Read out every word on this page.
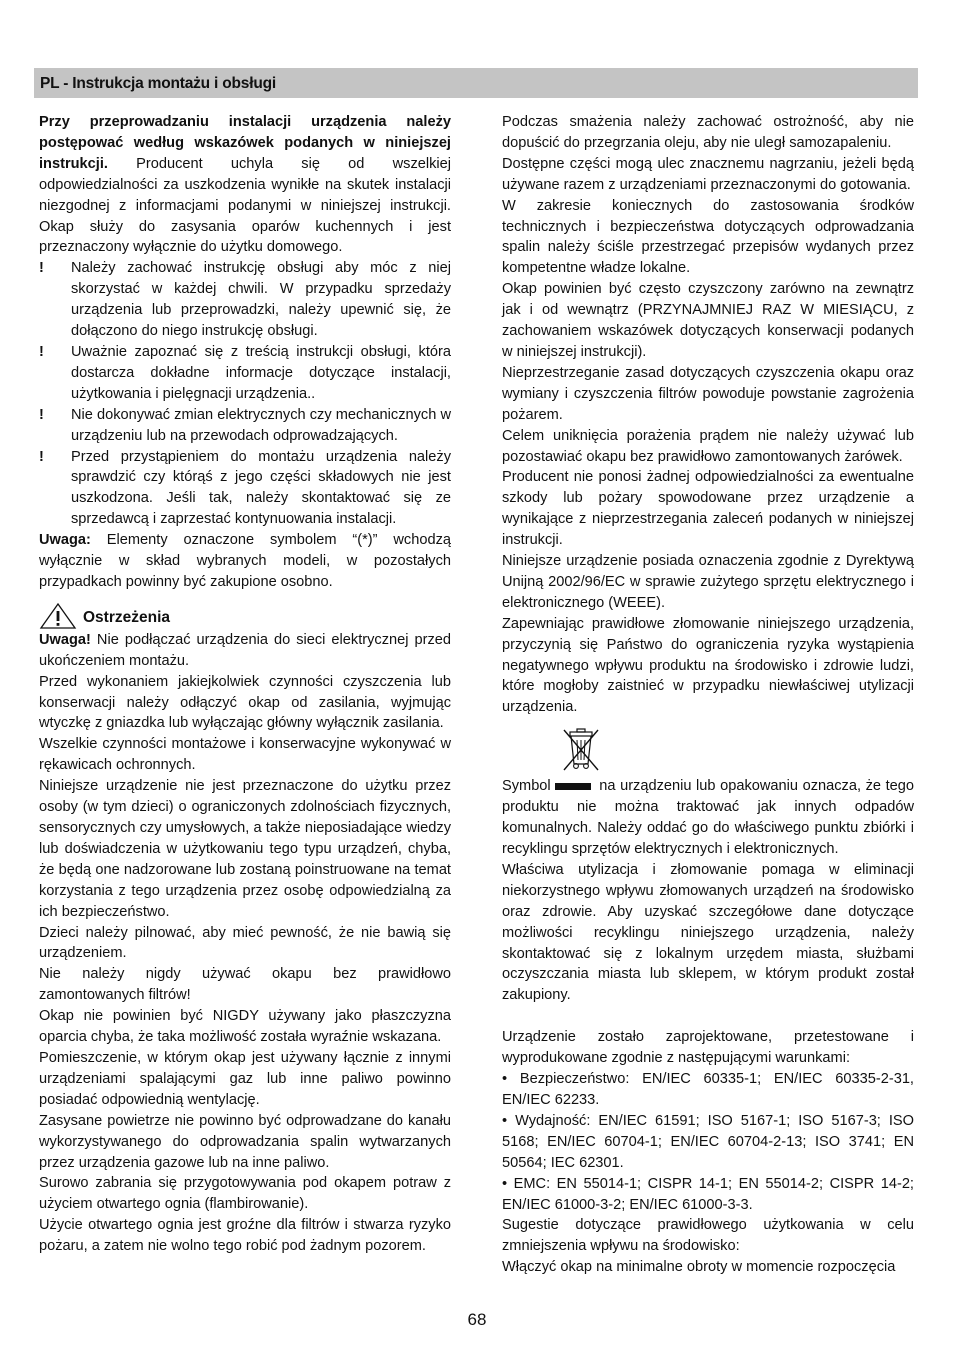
PL - Instrukcja montażu i obsługi

Przy przeprowadzaniu instalacji urządzenia należy postępować według wskazówek podanych w niniejszej instrukcji. Producent uchyla się od wszelkiej odpowiedzialności za uszkodzenia wynikłe na skutek instalacji niezgodnej z informacjami podanymi w niniejszej instrukcji. Okap służy do zasysania oparów kuchennych i jest przeznaczony wyłącznie do użytku domowego.

! Należy zachować instrukcję obsługi aby móc z niej skorzystać w każdej chwili. W przypadku sprzedaży urządzenia lub przeprowadzki, należy upewnić się, że dołączono do niego instrukcję obsługi.

! Uważnie zapoznać się z treścią instrukcji obsługi, która dostarcza dokładne informacje dotyczące instalacji, użytkowania i pielęgnacji urządzenia..

! Nie dokonywać zmian elektrycznych czy mechanicznych w urządzeniu lub na przewodach odprowadzających.

! Przed przystąpieniem do montażu urządzenia należy sprawdzić czy którąś z jego części składowych nie jest uszkodzona. Jeśli tak, należy skontaktować się ze sprzedawcą i zaprzestać kontynuowania instalacji.

Uwaga: Elementy oznaczone symbolem “(*)” wchodzą wyłącznie w skład wybranych modeli, w pozostałych przypadkach powinny być zakupione osobno.

Ostrzeżenia

Uwaga! Nie podłączać urządzenia do sieci elektrycznej przed ukończeniem montażu.

Przed wykonaniem jakiejkolwiek czynności czyszczenia lub konserwacji należy odłączyć okap od zasilania, wyjmując wtyczkę z gniazdka lub wyłączając główny wyłącznik zasilania.

Wszelkie czynności montażowe i konserwacyjne wykonywać w rękawicach ochronnych.

Niniejsze urządzenie nie jest przeznaczone do użytku przez osoby (w tym dzieci) o ograniczonych zdolnościach fizycznych, sensorycznych czy umysłowych, a także nieposiadające wiedzy lub doświadczenia w użytkowaniu tego typu urządzeń, chyba, że będą one nadzorowane lub zostaną poinstruowane na temat korzystania z tego urządzenia przez osobę odpowiedzialną za ich bezpieczeństwo.

Dzieci należy pilnować, aby mieć pewność, że nie bawią się urządzeniem.

Nie należy nigdy używać okapu bez prawidłowo zamontowanych filtrów!

Okap nie powinien być NIGDY używany jako płaszczyzna oparcia chyba, że taka możliwość została wyraźnie wskazana.

Pomieszczenie, w którym okap jest używany łącznie z innymi urządzeniami spalającymi gaz lub inne paliwo powinno posiadać odpowiednią wentylację.

Zasysane powietrze nie powinno być odprowadzane do kanału wykorzystywanego do odprowadzania spalin wytwarzanych przez urządzenia gazowe lub na inne paliwo.

Surowo zabrania się przygotowywania pod okapem potraw z użyciem otwartego ognia (flambirowanie).

Użycie otwartego ognia jest groźne dla filtrów i stwarza ryzyko pożaru, a zatem nie wolno tego robić pod żadnym pozorem.

Podczas smażenia należy zachować ostrożność, aby nie dopuścić do przegrzania oleju, aby nie uległ samozapaleniu.

Dostępne części mogą ulec znacznemu nagrzaniu, jeżeli będą używane razem z urządzeniami przeznaczonymi do gotowania.

W zakresie koniecznych do zastosowania środków technicznych i bezpieczeństwa dotyczących odprowadzania spalin należy ściśle przestrzegać przepisów wydanych przez kompetentne władze lokalne.

Okap powinien być często czyszczony zarówno na zewnątrz jak i od wewnątrz (PRZYNAJMNIEJ RAZ W MIESIĄCU, z zachowaniem wskazówek dotyczących konserwacji podanych w niniejszej instrukcji).

Nieprzestrzeganie zasad dotyczących czyszczenia okapu oraz wymiany i czyszczenia filtrów powoduje powstanie zagrożenia pożarem.

Celem uniknięcia porażenia prądem nie należy używać lub pozostawiać okapu bez prawidłowo zamontowanych żarówek.

Producent nie ponosi żadnej odpowiedzialności za ewentualne szkody lub pożary spowodowane przez urządzenie a wynikające z nieprzestrzegania zaleceń podanych w niniejszej instrukcji.

Niniejsze urządzenie posiada oznaczenia zgodnie z Dyrektywą Unijną 2002/96/EC w sprawie zużytego sprzętu elektrycznego i elektronicznego (WEEE).

Zapewniając prawidłowe złomowanie niniejszego urządzenia, przyczynią się Państwo do ograniczenia ryzyka wystąpienia negatywnego wpływu produktu na środowisko i zdrowie ludzi, które mogłoby zaistnieć w przypadku niewłaściwej utylizacji urządzenia.

Symbol	na urządzeniu lub opakowaniu oznacza, że tego produktu nie można traktować jak innych odpadów komunalnych. Należy oddać go do właściwego punktu zbiórki i recyklingu sprzętów elektrycznych i elektronicznych.

Właściwa utylizacja i złomowanie pomaga w eliminacji niekorzystnego wpływu złomowanych urządzeń na środowisko oraz zdrowie. Aby uzyskać szczegółowe dane dotyczące możliwości recyklingu niniejszego urządzenia, należy skontaktować się z lokalnym urzędem miasta, służbami oczyszczania miasta lub sklepem, w którym produkt został zakupiony.

Urządzenie zostało zaprojektowane, przetestowane i wyprodukowane zgodnie z następującymi warunkami:

• Bezpieczeństwo: EN/IEC 60335-1; EN/IEC 60335-2-31, EN/IEC 62233.

• Wydajność: EN/IEC 61591; ISO 5167-1; ISO 5167-3; ISO 5168; EN/IEC 60704-1; EN/IEC 60704-2-13; ISO 3741; EN 50564; IEC 62301.

• EMC: EN 55014-1; CISPR 14-1; EN 55014-2; CISPR 14-2; EN/IEC 61000-3-2; EN/IEC 61000-3-3.

Sugestie dotyczące prawidłowego użytkowania w celu zmniejszenia wpływu na środowisko:

Włączyć okap na minimalne obroty w momencie rozpoczęcia

68
